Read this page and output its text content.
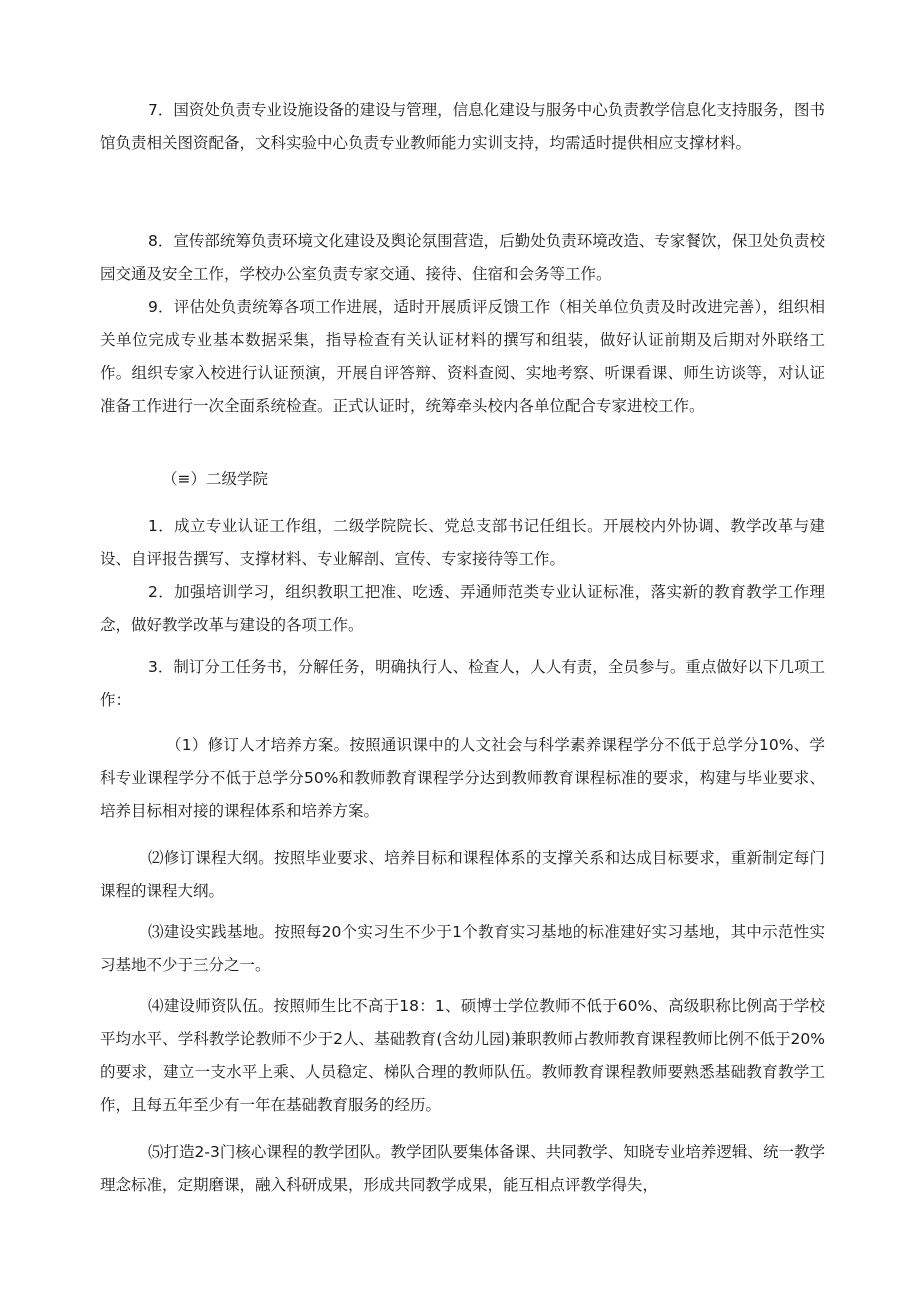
7．国资处负责专业设施设备的建设与管理，信息化建设与服务中心负责教学信息化支持服务，图书馆负责相关图资配备，文科实验中心负责专业教师能力实训支持，均需适时提供相应支撑材料。

8．宣传部统筹负责环境文化建设及舆论氛围营造，后勤处负责环境改造、专家餐饮，保卫处负责校园交通及安全工作，学校办公室负责专家交通、接待、住宿和会务等工作。

9．评估处负责统筹各项工作进展，适时开展质评反馈工作（相关单位负责及时改进完善），组织相关单位完成专业基本数据采集，指导检查有关认证材料的撰写和组装，做好认证前期及后期对外联络工作。组织专家入校进行认证预演，开展自评答辩、资料查阅、实地考察、听课看课、师生访谈等，对认证准备工作进行一次全面系统检查。正式认证时，统筹牵头校内各单位配合专家进校工作。

（≡）二级学院

1．成立专业认证工作组，二级学院院长、党总支部书记任组长。开展校内外协调、教学改革与建设、自评报告撰写、支撑材料、专业解剖、宣传、专家接待等工作。

2．加强培训学习，组织教职工把准、吃透、弄通师范类专业认证标准，落实新的教育教学工作理念，做好教学改革与建设的各项工作。

3．制订分工任务书，分解任务，明确执行人、检查人，人人有责，全员参与。重点做好以下几项工作：

（1）修订人才培养方案。按照通识课中的人文社会与科学素养课程学分不低于总学分10%、学科专业课程学分不低于总学分50%和教师教育课程学分达到教师教育课程标准的要求，构建与毕业要求、培养目标相对接的课程体系和培养方案。

⑵修订课程大纲。按照毕业要求、培养目标和课程体系的支撑关系和达成目标要求，重新制定每门课程的课程大纲。

⑶建设实践基地。按照每20个实习生不少于1个教育实习基地的标准建好实习基地，其中示范性实习基地不少于三分之一。

⑷建设师资队伍。按照师生比不高于18：1、硕博士学位教师不低于60%、高级职称比例高于学校平均水平、学科教学论教师不少于2人、基础教育(含幼儿园)兼职教师占教师教育课程教师比例不低于20%的要求，建立一支水平上乘、人员稳定、梯队合理的教师队伍。教师教育课程教师要熟悉基础教育教学工作，且每五年至少有一年在基础教育服务的经历。

⑸打造2-3门核心课程的教学团队。教学团队要集体备课、共同教学、知晓专业培养逻辑、统一教学理念标准，定期磨课，融入科研成果，形成共同教学成果，能互相点评教学得失，
